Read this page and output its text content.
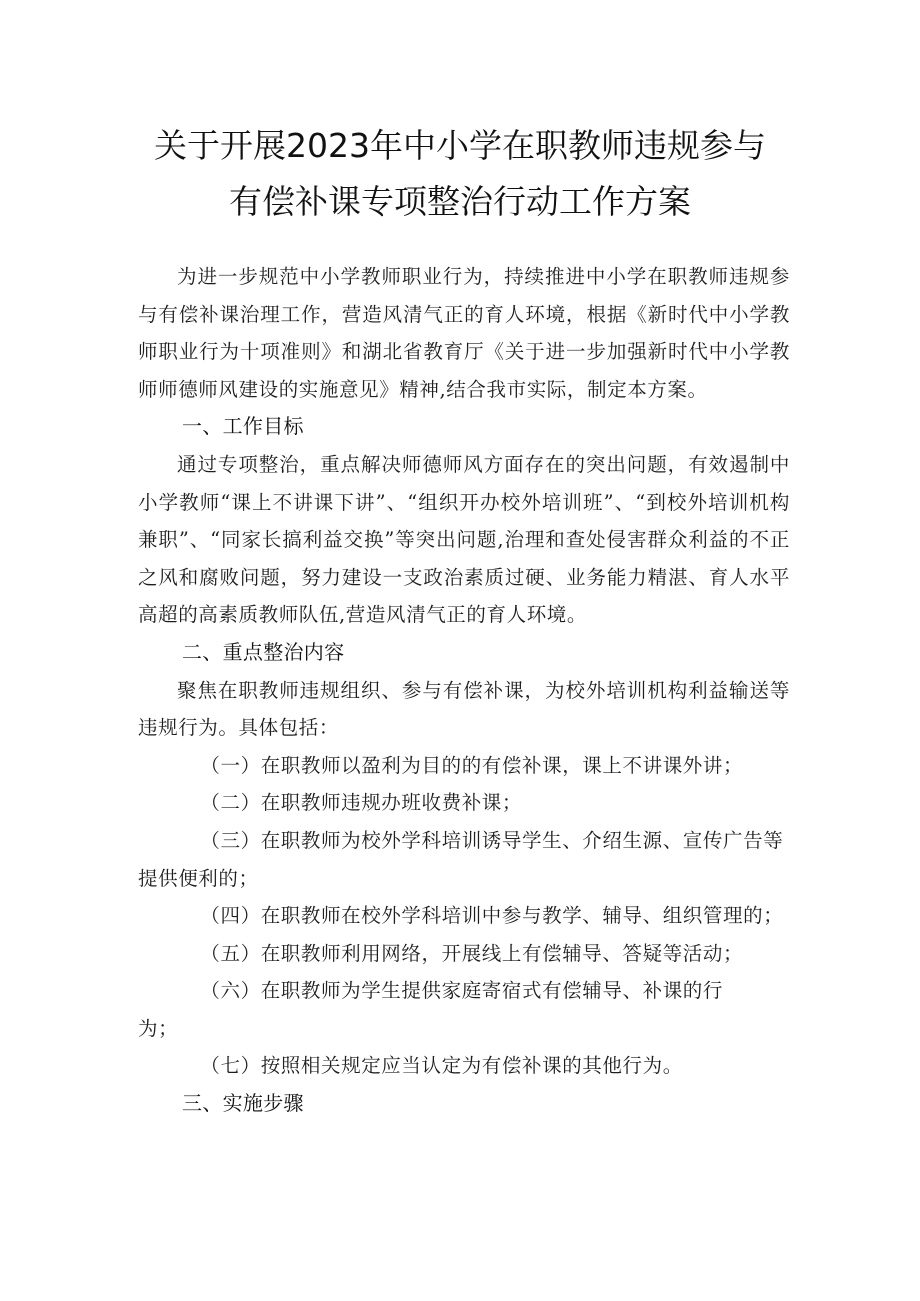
关于开展2023年中小学在职教师违规参与
有偿补课专项整治行动工作方案

为进一步规范中小学教师职业行为，持续推进中小学在职教师违规参与有偿补课治理工作，营造风清气正的育人环境，根据《新时代中小学教师职业行为十项准则》和湖北省教育厅《关于进一步加强新时代中小学教师师德师风建设的实施意见》精神,结合我市实际，制定本方案。

一、工作目标

通过专项整治，重点解决师德师风方面存在的突出问题，有效遏制中小学教师“课上不讲课下讲”、“组织开办校外培训班”、“到校外培训机构兼职”、“同家长搞利益交换”等突出问题,治理和查处侵害群众利益的不正之风和腐败问题，努力建设一支政治素质过硬、业务能力精湛、育人水平高超的高素质教师队伍,营造风清气正的育人环境。

二、重点整治内容

聚焦在职教师违规组织、参与有偿补课，为校外培训机构利益输送等违规行为。具体包括：

（一）在职教师以盈利为目的的有偿补课，课上不讲课外讲；

（二）在职教师违规办班收费补课；

（三）在职教师为校外学科培训诱导学生、介绍生源、宣传广告等提供便利的；

（四）在职教师在校外学科培训中参与教学、辅导、组织管理的；

（五）在职教师利用网络，开展线上有偿辅导、答疑等活动；

（六）在职教师为学生提供家庭寄宿式有偿辅导、补课的行为；

（七）按照相关规定应当认定为有偿补课的其他行为。

三、实施步骤
